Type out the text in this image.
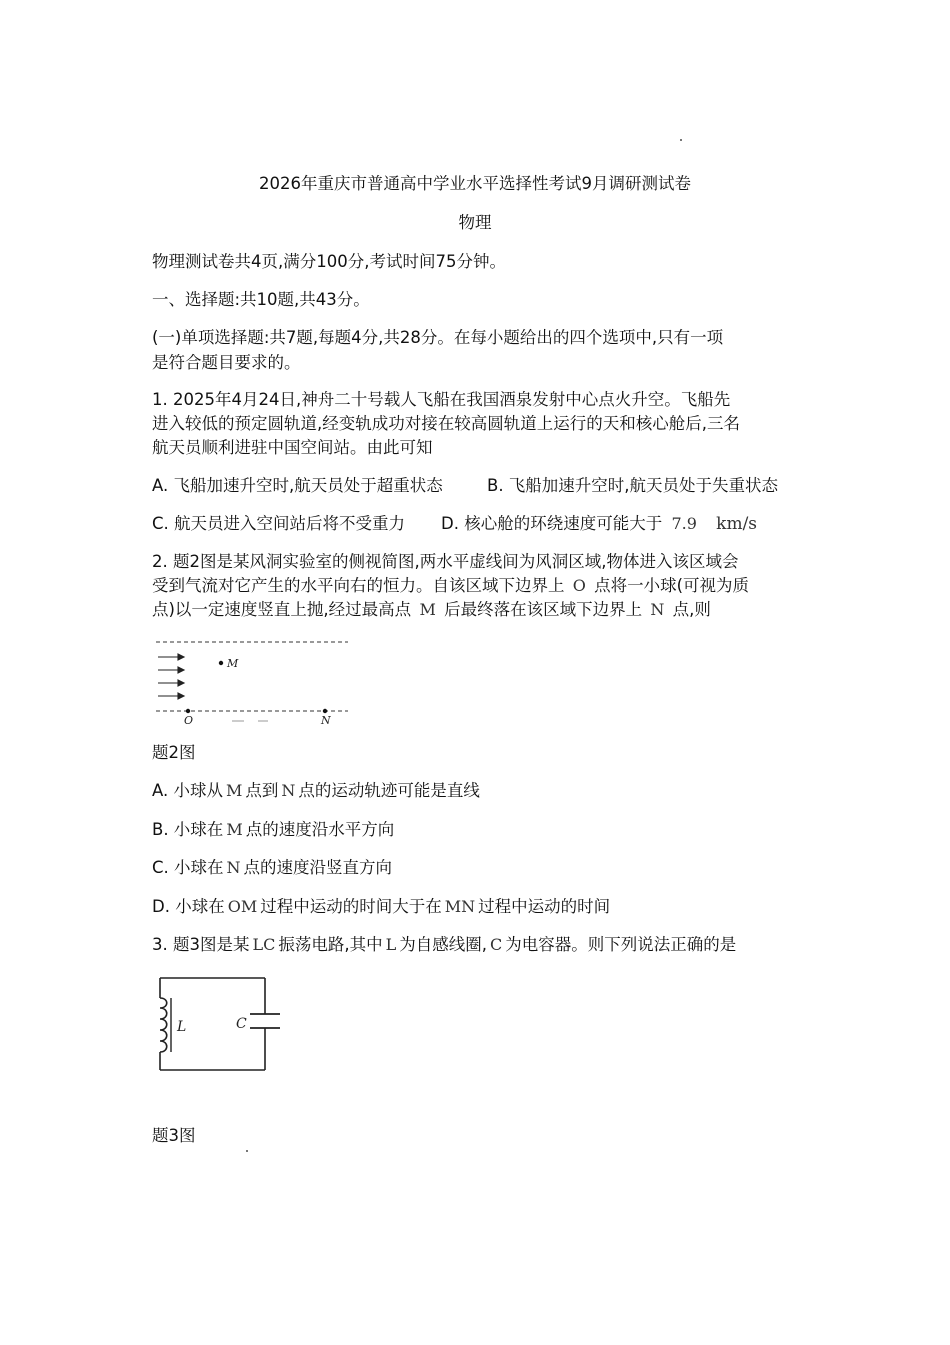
2026年重庆市普通高中学业水平选择性考试9月调研测试卷
物理
物理测试卷共4页,满分100分,考试时间75分钟。
一、选择题:共10题,共43分。
(一)单项选择题:共7题,每题4分,共28分。在每小题给出的四个选项中,只有一项
是符合题目要求的。
1. 2025年4月24日,神舟二十号载人飞船在我国酒泉发射中心点火升空。飞船先
进入较低的预定圆轨道,经变轨成功对接在较高圆轨道上运行的天和核心舱后,三名
航天员顺利进驻中国空间站。由此可知
A. 飞船加速升空时,航天员处于超重状态	B. 飞船加速升空时,航天员处于失重状态
C. 航天员进入空间站后将不受重力 D. 核心舱的环绕速度可能大于 7.9 km/s
2. 题2图是某风洞实验室的侧视简图,两水平虚线间为风洞区域,物体进入该区域会
受到气流对它产生的水平向右的恒力。自该区域下边界上 O 点将一小球(可视为质
点)以一定速度竖直上抛,经过最高点 M 后最终落在该区域下边界上 N 点,则
M
O	N
题2图
A. 小球从 M 点到 N 点的运动轨迹可能是直线
B. 小球在 M 点的速度沿水平方向
C. 小球在 N 点的速度沿竖直方向
D. 小球在 OM 过程中运动的时间大于在 MN 过程中运动的时间
3. 题3图是某 LC 振荡电路,其中 L 为自感线圈, C 为电容器。则下列说法正确的是
L	C
题3图
